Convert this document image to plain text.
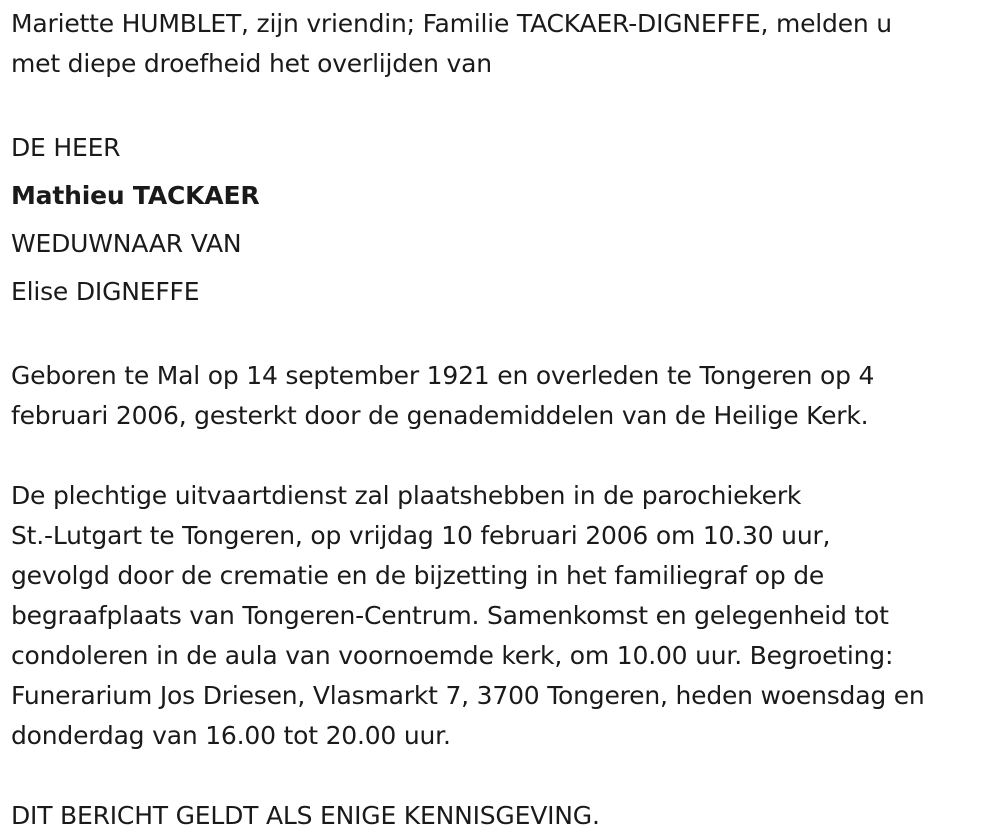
Mariette HUMBLET, zijn vriendin; Familie TACKAER-DIGNEFFE, melden u
met diepe droefheid het overlijden van
DE HEER
Mathieu TACKAER
WEDUWNAAR VAN
Elise DIGNEFFE
Geboren te Mal op 14 september 1921 en overleden te Tongeren op 4
februari 2006, gesterkt door de genademiddelen van de Heilige Kerk.
De plechtige uitvaartdienst zal plaatshebben in de parochiekerk
St.-Lutgart te Tongeren, op vrijdag 10 februari 2006 om 10.30 uur,
gevolgd door de crematie en de bijzetting in het familiegraf op de
begraafplaats van Tongeren-Centrum. Samenkomst en gelegenheid tot
condoleren in de aula van voornoemde kerk, om 10.00 uur. Begroeting:
Funerarium Jos Driesen, Vlasmarkt 7, 3700 Tongeren, heden woensdag en
donderdag van 16.00 tot 20.00 uur.
DIT BERICHT GELDT ALS ENIGE KENNISGEVING.
